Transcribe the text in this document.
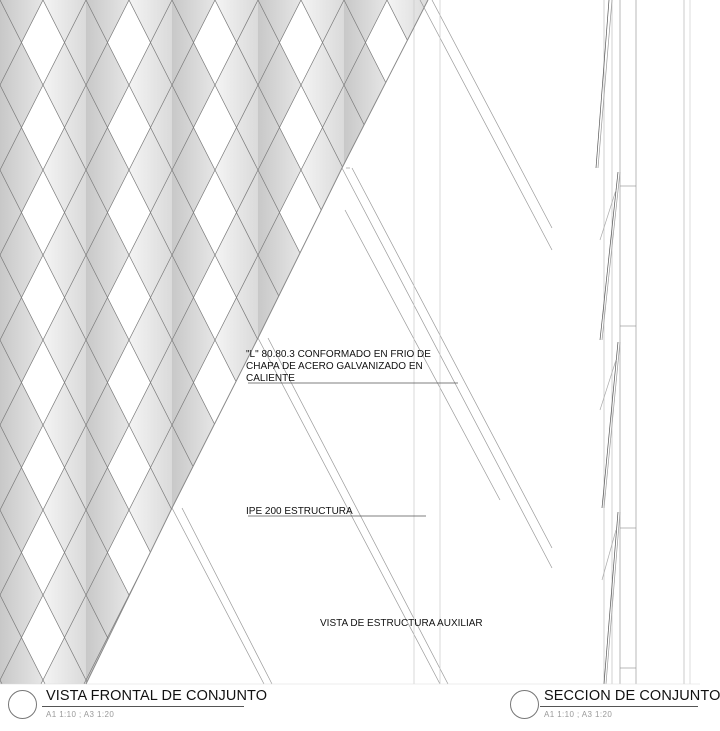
"L" 80.80.3 CONFORMADO EN FRIO DE
CHAPA DE ACERO GALVANIZADO EN
CALIENTE
IPE 200 ESTRUCTURA
VISTA DE ESTRUCTURA AUXILIAR
VISTA FRONTAL DE CONJUNTO
A1 1:10 ; A3 1:20
SECCION DE CONJUNTO
A1 1:10 ; A3 1:20
